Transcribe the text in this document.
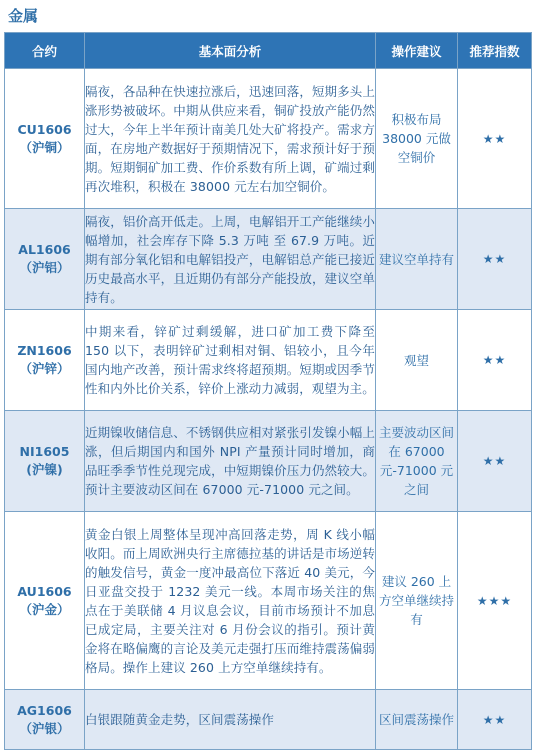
金属
合约	基本面分析	操作建议	推荐指数

CU1606
（沪铜）	隔夜，各品种在快速拉涨后，迅速回落，短期多头上涨形势被破坏。中期从供应来看，铜矿投放产能仍然过大，今年上半年预计南美几处大矿将投产。需求方面，在房地产数据好于预期情况下，需求预计好于预期。短期铜矿加工费、作价系数有所上调，矿端过剩再次堆积，积极在 38000 元左右加空铜价。	积极布局 38000 元做空铜价	★★

AL1606
（沪铝）	隔夜，铝价高开低走。上周，电解铝开工产能继续小幅增加，社会库存下降 5.3 万吨 至 67.9 万吨。近期有部分氧化铝和电解铝投产，电解铝总产能已接近历史最高水平，且近期仍有部分产能投放，建议空单持有。	建议空单持有	★★

ZN1606
（沪锌）	中期来看，锌矿过剩缓解，进口矿加工费下降至 150 以下，表明锌矿过剩相对铜、铝较小，且今年国内地产改善，预计需求终将超预期。短期或因季节性和内外比价关系，锌价上涨动力减弱，观望为主。	观望	★★

NI1605
(沪镍)	近期镍收储信息、不锈钢供应相对紧张引发镍小幅上涨，但后期国内和国外 NPI 产量预计同时增加，商品旺季季节性兑现完成，中短期镍价压力仍然较大。预计主要波动区间在 67000 元-71000 元之间。	主要波动区间在 67000 元-71000 元之间	★★

AU1606
（沪金）	黄金白银上周整体呈现冲高回落走势，周 K 线小幅收阳。而上周欧洲央行主席德拉基的讲话是市场逆转的触发信号，黄金一度冲最高位下落近 40 美元，今日亚盘交投于 1232 美元一线。本周市场关注的焦点在于美联储 4 月议息会议，目前市场预计不加息已成定局，主要关注对 6 月份会议的指引。预计黄金将在略偏鹰的言论及美元走强打压而维持震荡偏弱格局。操作上建议 260 上方空单继续持有。	建议 260 上方空单继续持有	★★★

AG1606
（沪银）	白银跟随黄金走势，区间震荡操作	区间震荡操作	★★
